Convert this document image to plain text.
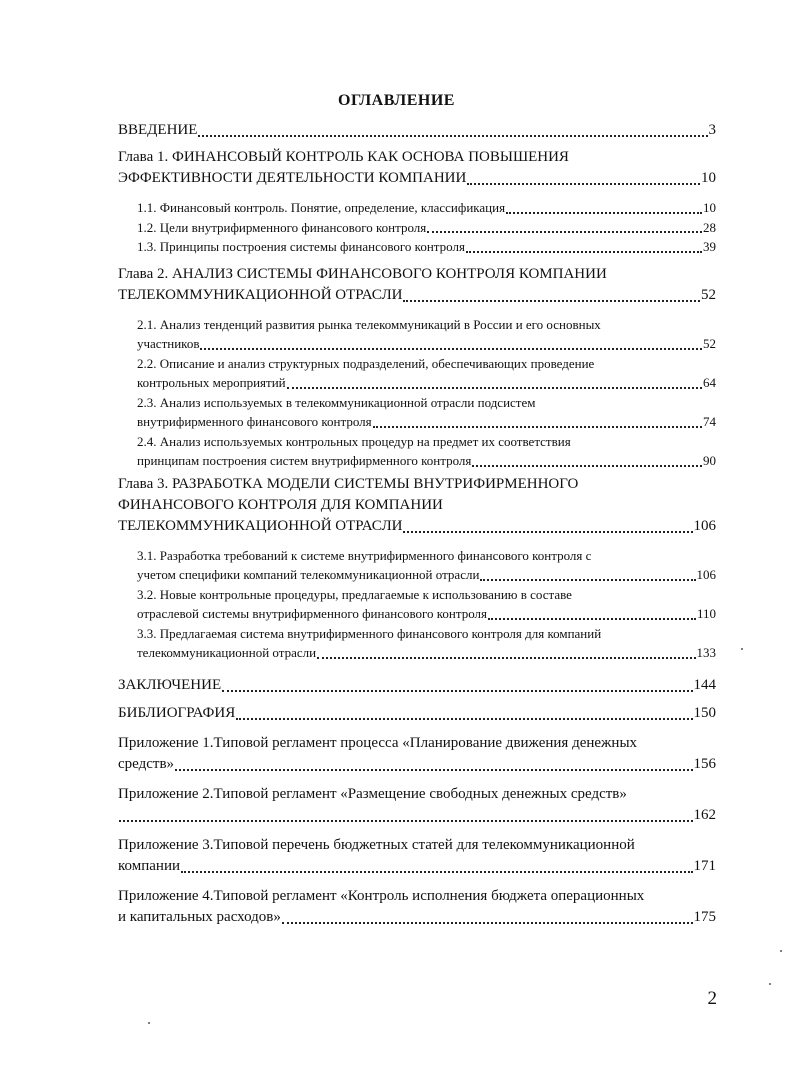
ОГЛАВЛЕНИЕ
ВВЕДЕНИЕ	3
Глава 1. ФИНАНСОВЫЙ КОНТРОЛЬ КАК ОСНОВА ПОВЫШЕНИЯ
ЭФФЕКТИВНОСТИ ДЕЯТЕЛЬНОСТИ КОМПАНИИ	10
1.1. Финансовый контроль. Понятие, определение, классификация	10
1.2. Цели внутрифирменного финансового контроля	28
1.3. Принципы построения системы финансового контроля	39
Глава 2. АНАЛИЗ СИСТЕМЫ ФИНАНСОВОГО КОНТРОЛЯ КОМПАНИИ
ТЕЛЕКОММУНИКАЦИОННОЙ ОТРАСЛИ	52
2.1. Анализ тенденций развития рынка телекоммуникаций в России и его основных
участников	52
2.2. Описание и анализ структурных подразделений, обеспечивающих проведение
контрольных мероприятий	64
2.3. Анализ используемых в телекоммуникационной отрасли подсистем
внутрифирменного финансового контроля	74
2.4. Анализ используемых контрольных процедур на предмет их соответствия
принципам построения систем внутрифирменного контроля	90
Глава 3. РАЗРАБОТКА МОДЕЛИ СИСТЕМЫ ВНУТРИФИРМЕННОГО
ФИНАНСОВОГО КОНТРОЛЯ ДЛЯ КОМПАНИИ
ТЕЛЕКОММУНИКАЦИОННОЙ ОТРАСЛИ	106
3.1. Разработка требований к системе внутрифирменного финансового контроля с
учетом специфики компаний телекоммуникационной отрасли	106
3.2. Новые контрольные процедуры, предлагаемые к использованию в составе
отраслевой системы внутрифирменного финансового контроля	110
3.3. Предлагаемая система внутрифирменного финансового контроля для компаний
телекоммуникационной отрасли	133
ЗАКЛЮЧЕНИЕ	144
БИБЛИОГРАФИЯ	150
Приложение 1.Типовой регламент процесса «Планирование движения денежных
средств»	156
Приложение 2.Типовой регламент «Размещение свободных денежных средств»
162
Приложение 3.Типовой перечень бюджетных статей для телекоммуникационной
компании	171
Приложение 4.Типовой регламент «Контроль исполнения бюджета операционных
и капитальных расходов»	175
2
